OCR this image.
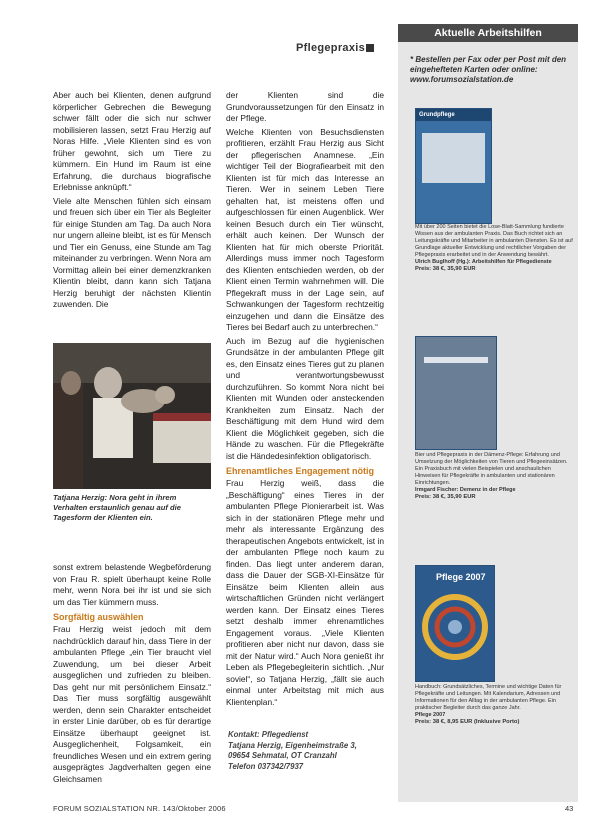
Pflegepraxis

Aber auch bei Klienten, denen aufgrund körperlicher Gebrechen die Bewegung schwer fällt oder die sich nur schwer mobilisieren lassen, setzt Frau Herzig auf Noras Hilfe. „Viele Klienten sind es von früher gewohnt, sich um Tiere zu kümmern. Ein Hund im Raum ist eine Erfahrung, die durchaus biografische Erlebnisse anknüpft.“

Viele alte Menschen fühlen sich einsam und freuen sich über ein Tier als Begleiter für einige Stunden am Tag. Da auch Nora nur ungern alleine bleibt, ist es für Mensch und Tier ein Genuss, eine Stunde am Tag miteinander zu verbringen. Wenn Nora am Vormittag allein bei einer demenzkranken Klientin bleibt, dann kann sich Tatjana Herzig beruhigt der nächsten Klientin zuwenden. Die

Tatjana Herzig: Nora geht in ihrem Verhalten erstaunlich genau auf die Tagesform der Klienten ein.

sonst extrem belastende Wegbeförderung von Frau R. spielt überhaupt keine Rolle mehr, wenn Nora bei ihr ist und sie sich um das Tier kümmern muss.

Sorgfältig auswählen

Frau Herzig weist jedoch mit dem nachdrücklich darauf hin, dass Tiere in der ambulanten Pflege „ein Tier braucht viel Zuwendung, um bei dieser Arbeit ausgeglichen und zufrieden zu bleiben. Das geht nur mit persönlichem Einsatz.“ Das Tier muss sorgfältig ausgewählt werden, denn sein Charakter entscheidet in erster Linie darüber, ob es für derartige Einsätze überhaupt geeignet ist. Ausgeglichenheit, Folgsamkeit, ein freundliches Wesen und ein extrem gering ausgeprägtes Jagdverhalten gegen eine Gleichsamen

der Klienten sind die Grundvoraussetzungen für den Einsatz in der Pflege.

Welche Klienten von Besuchsdiensten profitieren, erzählt Frau Herzig aus Sicht der pflegerischen Anamnese. „Ein wichtiger Teil der Biografiearbeit mit den Klienten ist für mich das Interesse an Tieren. Wer in seinem Leben Tiere gehalten hat, ist meistens offen und aufgeschlossen für einen Augenblick. Wer keinen Besuch durch ein Tier wünscht, erhält auch keinen. Der Wunsch der Klienten hat für mich oberste Priorität. Allerdings muss immer noch Tagesform des Klienten entschieden werden, ob der Klient einen Termin wahrnehmen will. Die Pflegekraft muss in der Lage sein, auf Schwankungen der Tagesform rechtzeitig einzugehen und dann die Einsätze des Tieres bei Bedarf auch zu unterbrechen.“

Auch im Bezug auf die hygienischen Grundsätze in der ambulanten Pflege gilt es, den Einsatz eines Tieres gut zu planen und verantwortungsbewusst durchzuführen. So kommt Nora nicht bei Klienten mit Wunden oder ansteckenden Krankheiten zum Einsatz. Nach der Beschäftigung mit dem Hund wird dem Klient die Möglichkeit gegeben, sich die Hände zu waschen. Für die Pflegekräfte ist die Händedesinfektion obligatorisch.

Ehrenamtliches Engagement nötig

Frau Herzig weiß, dass die „Beschäftigung“ eines Tieres in der ambulanten Pflege Pionierarbeit ist. Was sich in der stationären Pflege mehr und mehr als interessante Ergänzung des therapeutischen Angebots entwickelt, ist in der ambulanten Pflege noch kaum zu finden. Das liegt unter anderem daran, dass die Dauer der SGB-XI-Einsätze für Einsätze beim Klienten allein aus wirtschaftlichen Gründen nicht verlängert werden kann. Der Einsatz eines Tieres setzt deshalb immer ehrenamtliches Engagement voraus. „Viele Klienten profitieren aber nicht nur davon, dass sie mit der Natur wird.“ Auch Nora genießt ihr Leben als Pflegebegleiterin sichtlich. „Nur soviel“, so Tatjana Herzig, „fällt sie auch einmal unter Arbeitstag mit mich aus Klientenplan.“

Kontakt: Pflegedienst
Tatjana Herzig, Eigenheimstraße 3,
09654 Sehmatal, OT Cranzahl
Telefon 037342/7937
FORUM SOZIALSTATION NR. 143/Oktober 2006	43
Aktuelle Arbeitshilfen
* Bestellen per Fax oder per Post mit den eingehefteten Karten oder online: www.forumsozialstation.de
Grundpflege
Mit über 200 Seiten bietet die Lose-Blatt-Sammlung fundierte Wissen aus der ambulanten Praxis. Das Buch richtet sich an Leitungskräfte und Mitarbeiter in ambulanten Diensten. Es ist auf Grundlage aktueller Entwicklung und rechtlicher Vorgaben der Pflegepraxis erarbeitet und in der Anwendung bewährt.
Ulrich Buglhoff (Hg.): Arbeitshilfen für Pflegedienste
Preis: 38 €, 35,90 EUR
Bier und Pflegepraxis in der Dämenz-Pflege: Erfahrung und Umsetzung der Möglichkeiten von Tieren und Pflegeeinsätzen. Ein Praxisbuch mit vielen Beispielen und anschaulichen Hinweisen für Pflegekräfte in ambulanten und stationären Einrichtungen.
Irmgard Fischer: Demenz in der Pflege
Preis: 38 €, 35,90 EUR
Pflege 2007
Handbuch: Grundsätzliches, Termine und wichtige Daten für Pflegekräfte und Leitungen. Mit Kalendarium, Adressen und Informationen für den Alltag in der ambulanten Pflege. Ein praktischer Begleiter durch das ganze Jahr.
Pflege 2007
Preis: 38 €, 8,95 EUR (Inklusive Porto)
